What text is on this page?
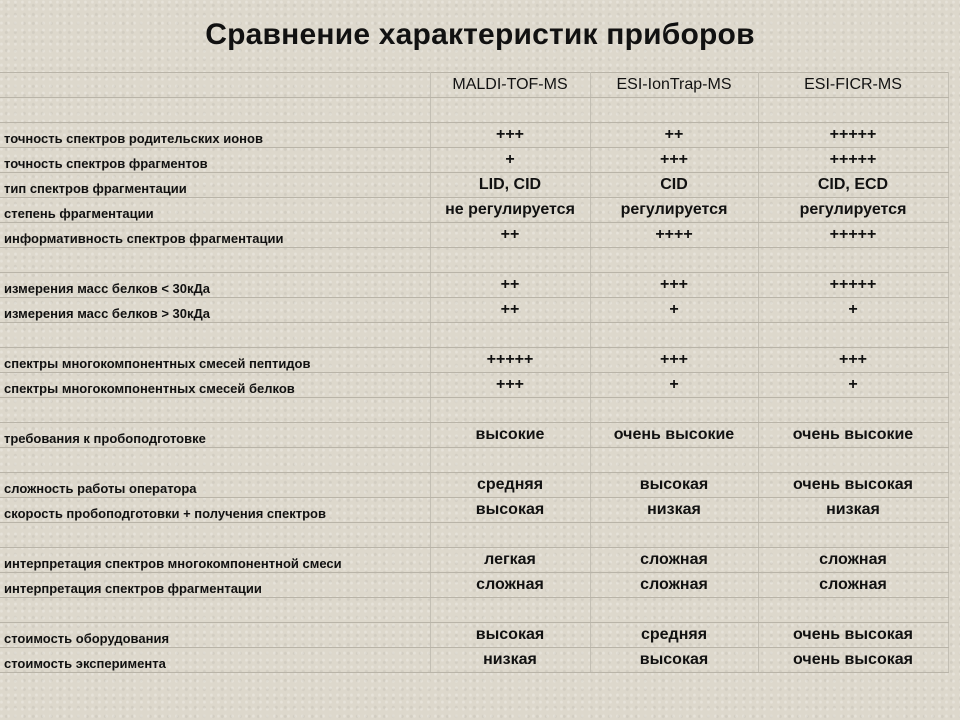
Сравнение характеристик приборов
	MALDI-TOF-MS	ESI-IonTrap-MS	ESI-FICR-MS

точность спектров родительских ионов	+++	++	+++++
точность спектров фрагментов	+	+++	+++++
тип спектров фрагментации	LID, CID	CID	CID, ECD
степень фрагментации	не регулируется	регулируется	регулируется
информативность спектров фрагментации	++	++++	+++++

измерения масс белков < 30кДа	++	+++	+++++
измерения масс белков > 30кДа	++	+	+

спектры многокомпонентных смесей пептидов	+++++	+++	+++
спектры многокомпонентных смесей белков	+++	+	+

требования к пробоподготовке	высокие	очень высокие	очень высокие

сложность работы оператора	средняя	высокая	очень высокая
скорость пробоподготовки + получения спектров	высокая	низкая	низкая

интерпретация спектров многокомпонентной смеси	легкая	сложная	сложная
интерпретация спектров фрагментации	сложная	сложная	сложная

стоимость оборудования	высокая	средняя	очень высокая
стоимость эксперимента	низкая	высокая	очень высокая
